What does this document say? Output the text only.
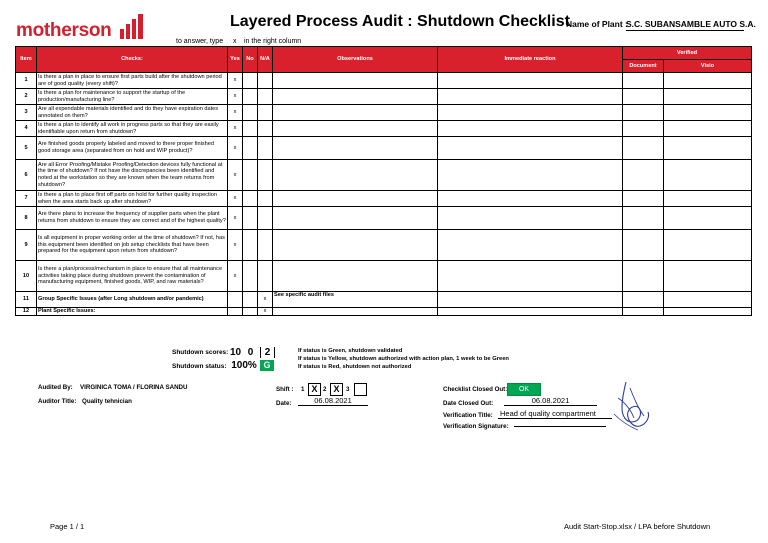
motherson	Layered Process Audit : Shutdown Checklist
Name of Plant :
S.C. SUBANSAMBLE AUTO S.A.
to answer, type x in the right column
Item	Checks:	Yes	No	N/A	Observations	Immediate reaction	Verified	
							Document	Visio
1	Is there a plan in place to ensure first parts build after the shutdown period are of good quality (every shift)?	x						
2	Is there a plan for maintenance to support the startup of the production/manufacturing line?	x						
3	Are all expendable materials identified and do they have expiration dates annotated on them?	x						
4	Is there a plan to identify all work in progress parts so that they are easily identifiable upon return from shutdown?	x						
5	Are finished goods properly labeled and moved to there proper finished good storage area (separated from on hold and WIP product)?	x						
6	Are all Error Proofing/Mistake Proofing/Detection devices fully functional at the time of shutdown? If not have the discrepancies been identified and noted at the workstation so they are known when the team returns from shutdown?	x						
7	Is there a plan to place first off parts on hold for further quality inspection when the area starts back up after shutdown?	x						
8	Are there plans to increase the frequency of supplier parts when the plant returns from shutdown to ensure they are correct and of the highest quality?	x						
9	Is all equipment in proper working order at the time of shutdown? If not, has this equipment been identified on job setup checklists that have been prepared for the equipment upon return from shutdown?	x						
10	Is there a plan/process/mechanism in place to ensure that all maintenance activities taking place during shutdown prevent the contamination of manufacturing equipment, finished goods, WIP, and raw materials?	x						
11	Group Specific Issues (after Long shutdown and/or pandemic)			x	See specific audit files			
12	Plant Specific Issues:			x				
Shutdown scores: 10 0	2
Shutdown status: 100% G
If status is Green, shutdown validated
If status is Yellow, shutdown authorized with action plan, 1 week to be Green
If status is Red, shutdown not authorized
Audited By: VIRGINICA TOMA / FLORINA SANDU
Auditor Title: Quality tehnician
Shift : 1 X 2 X	3
Date:	06.08.2021
Checklist Closed Out:	OK
Date Closed Out:	06.08.2021
Verification Title: Head of quality compartment
Verification Signature:
Page 1 / 1	Audit Start-Stop.xlsx / LPA before Shutdown
